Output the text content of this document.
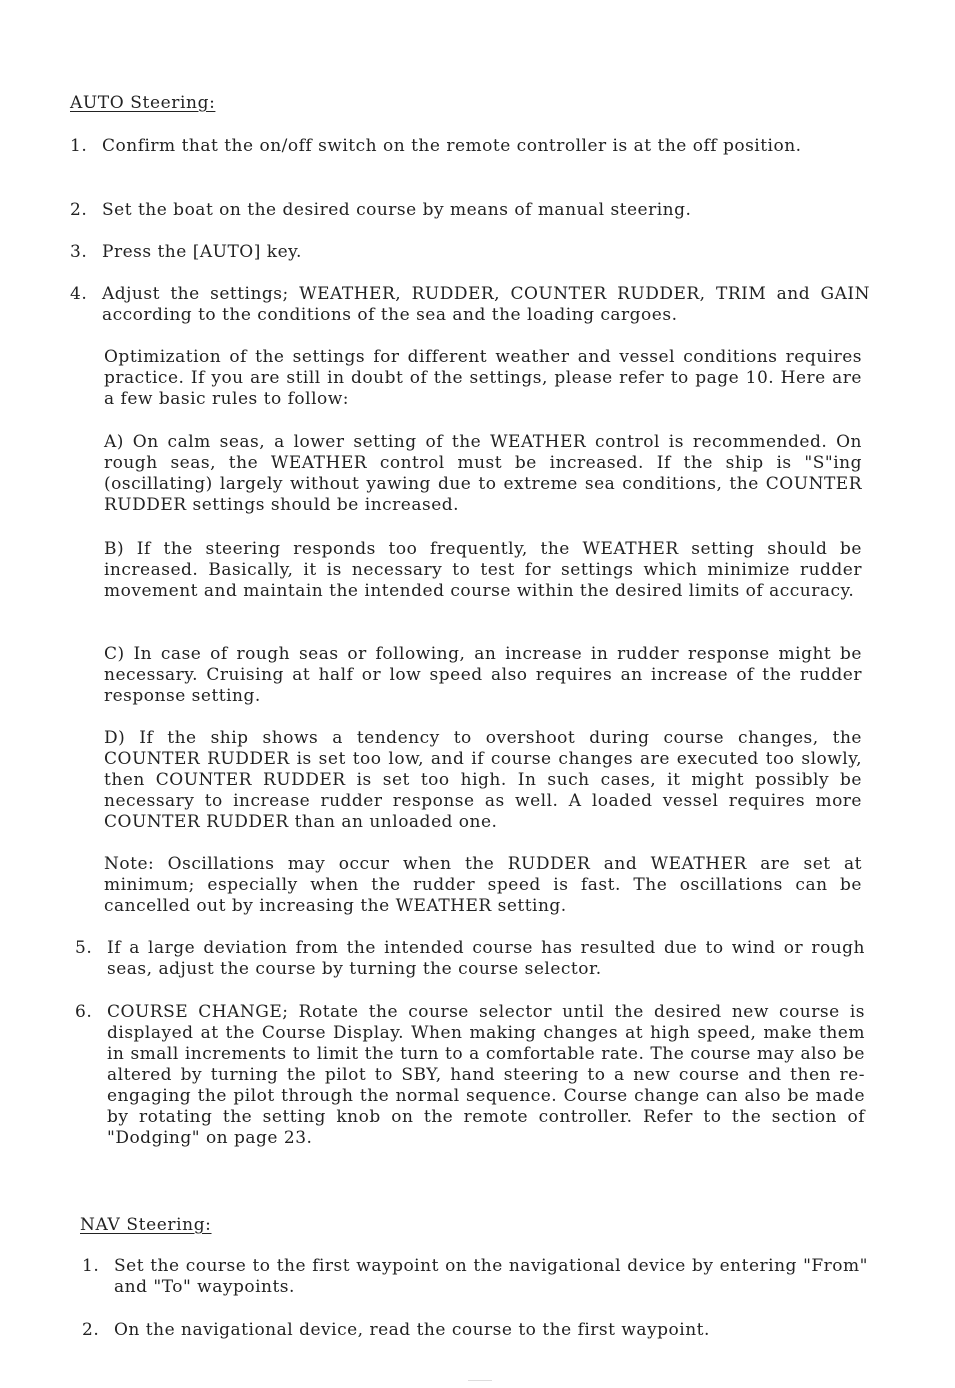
AUTO Steering:
1. Confirm that the on/off switch on the remote controller is at the off position.
2. Set the boat on the desired course by means of manual steering.
3. Press the [AUTO] key.
4. Adjust the settings; WEATHER, RUDDER, COUNTER RUDDER, TRIM and GAIN according to the conditions of the sea and the loading cargoes.
Optimization of the settings for different weather and vessel conditions requires practice. If you are still in doubt of the settings, please refer to page 10. Here are a few basic rules to follow:
A) On calm seas, a lower setting of the WEATHER control is recommended. On rough seas, the WEATHER control must be increased. If the ship is "S"ing (oscillating) largely without yawing due to extreme sea conditions, the COUNTER RUDDER settings should be increased.
B) If the steering responds too frequently, the WEATHER setting should be increased. Basically, it is necessary to test for settings which minimize rudder movement and maintain the intended course within the desired limits of accuracy.
C) In case of rough seas or following, an increase in rudder response might be necessary. Cruising at half or low speed also requires an increase of the rudder response setting.
D) If the ship shows a tendency to overshoot during course changes, the COUNTER RUDDER is set too low, and if course changes are executed too slowly, then COUNTER RUDDER is set too high. In such cases, it might possibly be necessary to increase rudder response as well. A loaded vessel requires more COUNTER RUDDER than an unloaded one.
Note: Oscillations may occur when the RUDDER and WEATHER are set at minimum; especially when the rudder speed is fast. The oscillations can be cancelled out by increasing the WEATHER setting.
5. If a large deviation from the intended course has resulted due to wind or rough seas, adjust the course by turning the course selector.
6. COURSE CHANGE; Rotate the course selector until the desired new course is displayed at the Course Display. When making changes at high speed, make them in small increments to limit the turn to a comfortable rate. The course may also be altered by turning the pilot to SBY, hand steering to a new course and then re-engaging the pilot through the normal sequence. Course change can also be made by rotating the setting knob on the remote controller. Refer to the section of "Dodging" on page 23.
NAV Steering:
1. Set the course to the first waypoint on the navigational device by entering "From" and "To" waypoints.
2. On the navigational device, read the course to the first waypoint.
